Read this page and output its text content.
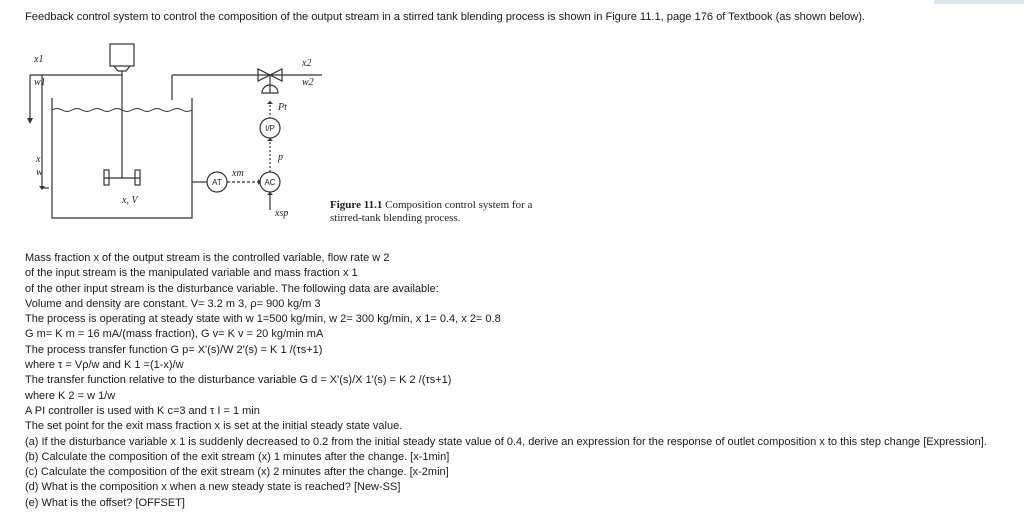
Feedback control system to control the composition of the output stream in a stirred tank blending process is shown in Figure 11.1, page 176 of Textbook (as shown below).
x1
w1
x2
w2
x
w
x, V
Pt
p
xm
xsp
I/P
AC
AT
Figure 11.1 Composition control system for a
stirred-tank blending process.
Mass fraction x of the output stream is the controlled variable, flow rate w 2
of the input stream is the manipulated variable and mass fraction x 1
of the other input stream is the disturbance variable. The following data are available:
Volume and density are constant. V= 3.2 m 3, ρ= 900 kg/m 3
The process is operating at steady state with w 1=500 kg/min, w 2= 300 kg/min, x 1= 0.4, x 2= 0.8
G m= K m = 16 mA/(mass fraction), G v= K v = 20 kg/min mA
The process transfer function G p= X'(s)/W 2'(s) = K 1 /(τs+1)
where τ = Vρ/w and K 1 =(1-x)/w
The transfer function relative to the disturbance variable G d = X'(s)/X 1'(s) = K 2 /(τs+1)
where K 2 = w 1/w
A PI controller is used with K c=3 and τ I = 1 min
The set point for the exit mass fraction x is set at the initial steady state value.
(a) If the disturbance variable x 1 is suddenly decreased to 0.2 from the initial steady state value of 0.4, derive an expression for the response of outlet composition x to this step change [Expression].
(b) Calculate the composition of the exit stream (x) 1 minutes after the change. [x-1min]
(c) Calculate the composition of the exit stream (x) 2 minutes after the change. [x-2min]
(d) What is the composition x when a new steady state is reached? [New-SS]
(e) What is the offset? [OFFSET]
